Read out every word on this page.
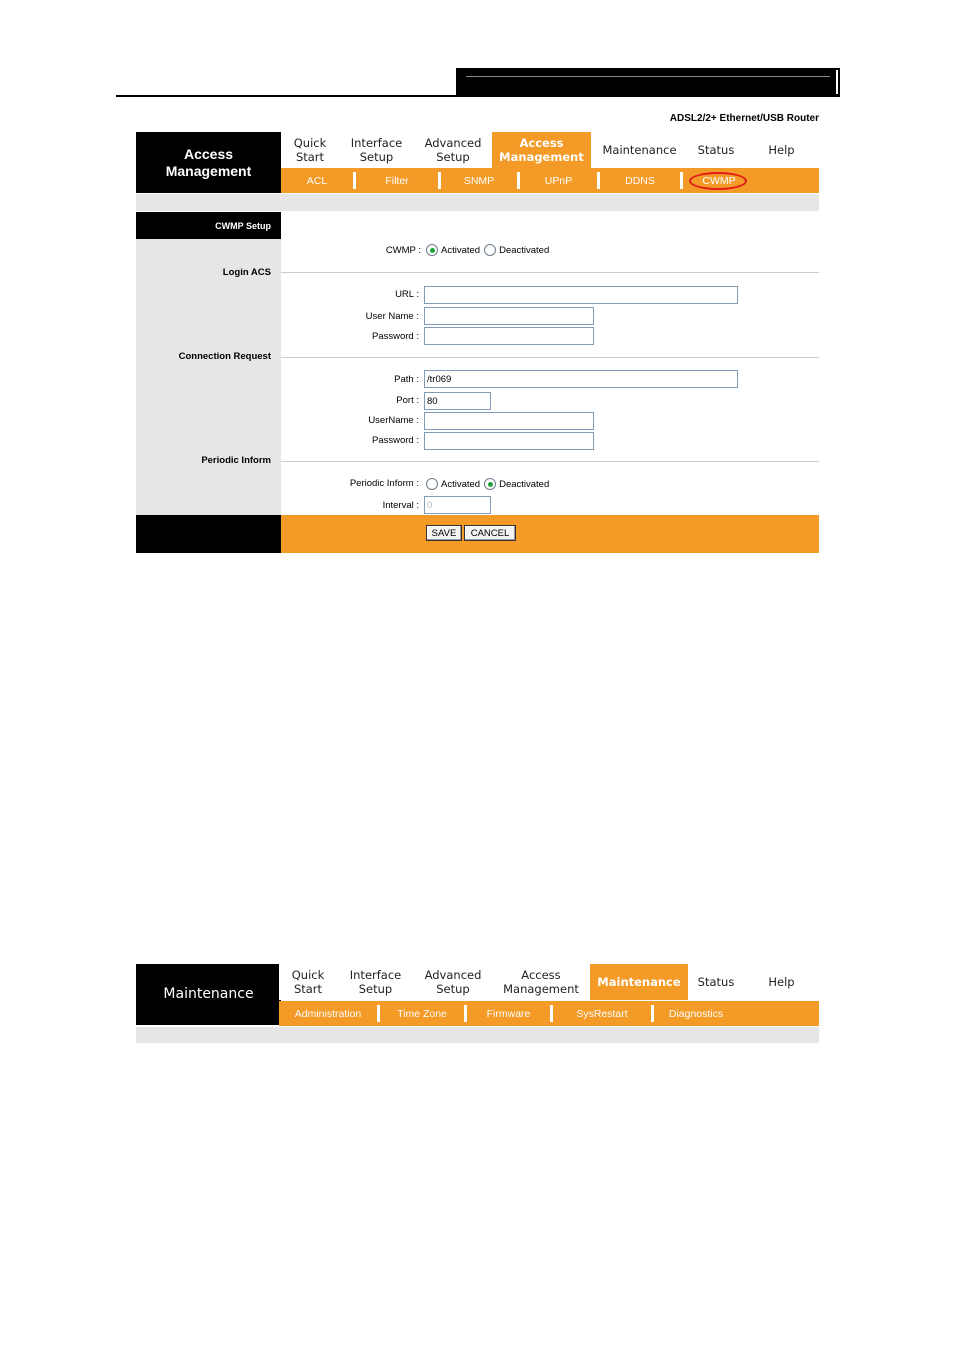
ADSL2/2+ Ethernet/USB Router
Access
Management
Quick
Start
Interface
Setup
Advanced
Setup
Access
Management Maintenance Status	Help
ACL	Filter	SNMP	UPnP	DDNS	CWMP
CWMP Setup
CWMP : Activated Deactivated
Login ACS
URL :
User Name :
Password :
Connection Request
Path :
/tr069
Port :
80
UserName :
Password :
Periodic Inform
Periodic Inform : Activated Deactivated
Interval :
0
SAVE	CANCEL
Maintenance
Quick
Start
Interface
Setup
Advanced
Setup
Access
Management Maintenance Status	Help
Administration	Time Zone	Firmware	SysRestart	Diagnostics
